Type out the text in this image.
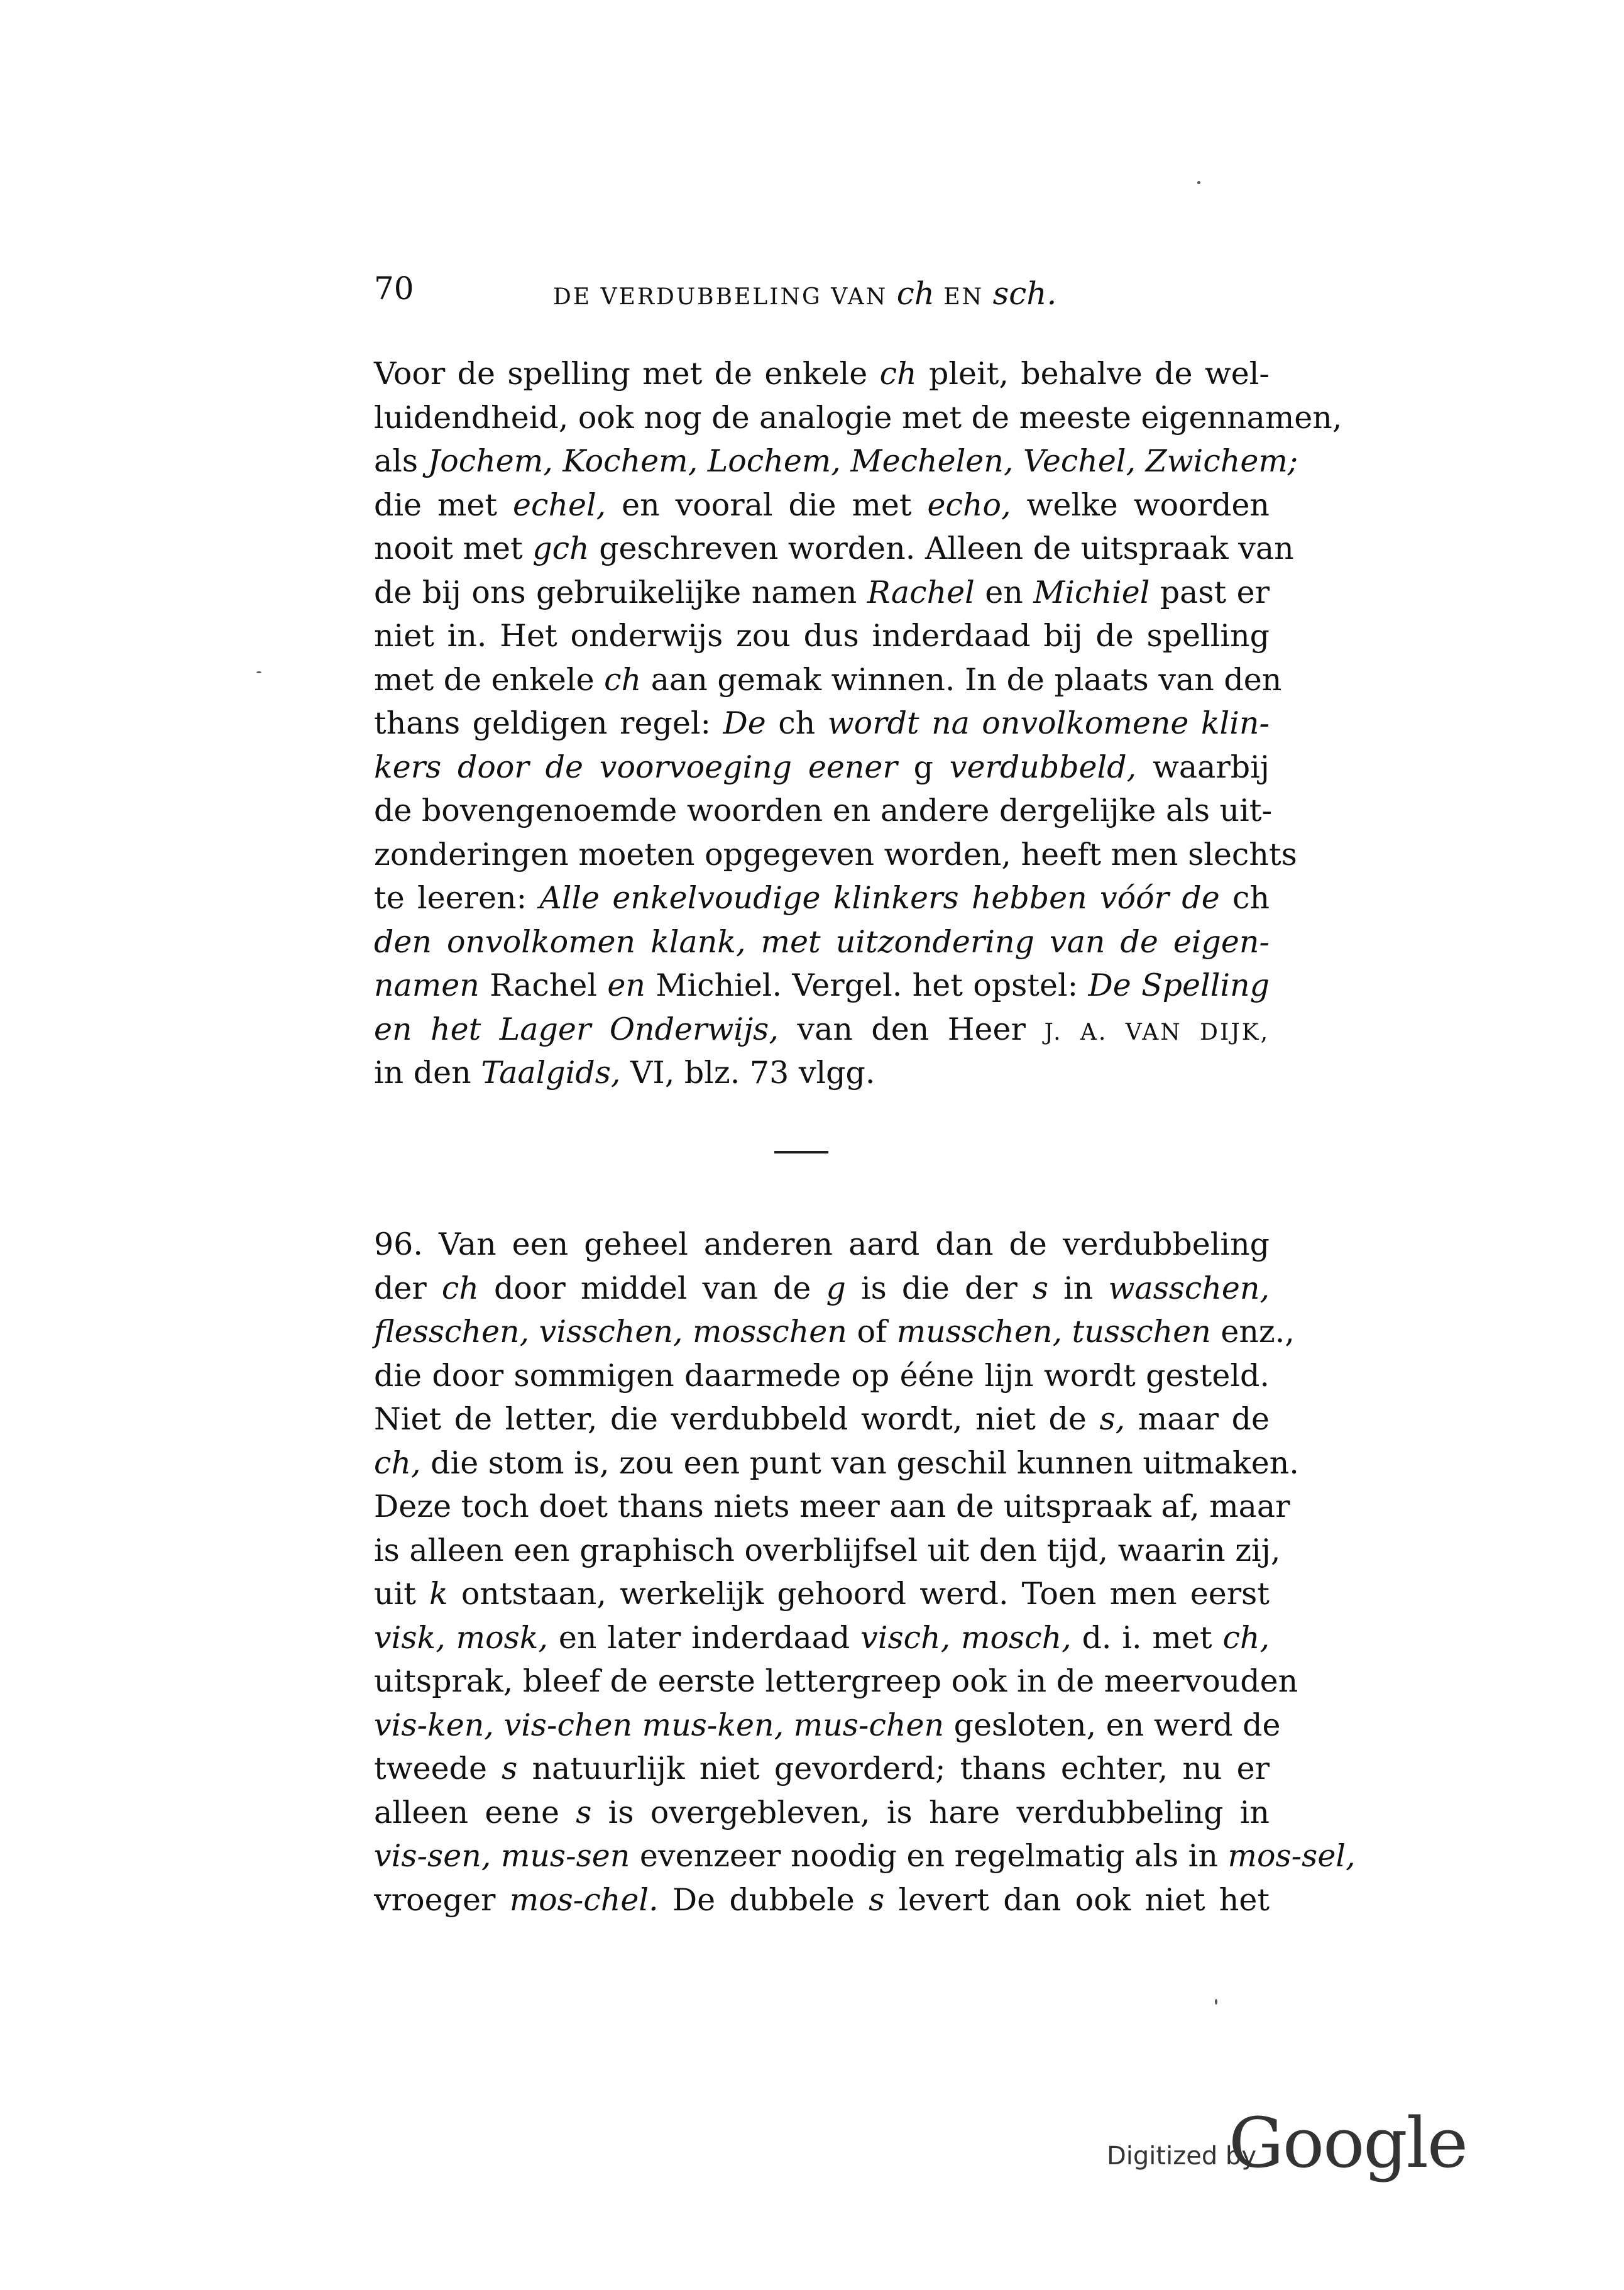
70	DE VERDUBBELING VAN ch EN sch.
Voor de spelling met de enkele ch pleit, behalve de wel-
luidendheid, ook nog de analogie met de meeste eigennamen,
als Jochem, Kochem, Lochem, Mechelen, Vechel, Zwichem;
die met echel, en vooral die met echo, welke woorden
nooit met gch geschreven worden. Alleen de uitspraak van
de bij ons gebruikelijke namen Rachel en Michiel past er
niet in. Het onderwijs zou dus inderdaad bij de spelling
met de enkele ch aan gemak winnen. In de plaats van den
thans geldigen regel: De ch wordt na onvolkomene klin-
kers door de voorvoeging eener g verdubbeld, waarbij
de bovengenoemde woorden en andere dergelijke als uit-
zonderingen moeten opgegeven worden, heeft men slechts
te leeren: Alle enkelvoudige klinkers hebben vóór de ch
den onvolkomen klank, met uitzondering van de eigen-
namen Rachel en Michiel. Vergel. het opstel: De Spelling
en het Lager Onderwijs, van den Heer J. A. VAN DIJK,
in den Taalgids, VI, blz. 73 vlgg.
96. Van een geheel anderen aard dan de verdubbeling
der ch door middel van de g is die der s in wasschen,
flesschen, visschen, mosschen of musschen, tusschen enz.,
die door sommigen daarmede op ééne lijn wordt gesteld.
Niet de letter, die verdubbeld wordt, niet de s, maar de
ch, die stom is, zou een punt van geschil kunnen uitmaken.
Deze toch doet thans niets meer aan de uitspraak af, maar
is alleen een graphisch overblijfsel uit den tijd, waarin zij,
uit k ontstaan, werkelijk gehoord werd. Toen men eerst
visk, mosk, en later inderdaad visch, mosch, d. i. met ch,
uitsprak, bleef de eerste lettergreep ook in de meervouden
vis-ken, vis-chen mus-ken, mus-chen gesloten, en werd de
tweede s natuurlijk niet gevorderd; thans echter, nu er
alleen eene s is overgebleven, is hare verdubbeling in
vis-sen, mus-sen evenzeer noodig en regelmatig als in mos-sel,
vroeger mos-chel. De dubbele s levert dan ook niet het
Digitized by
Google
